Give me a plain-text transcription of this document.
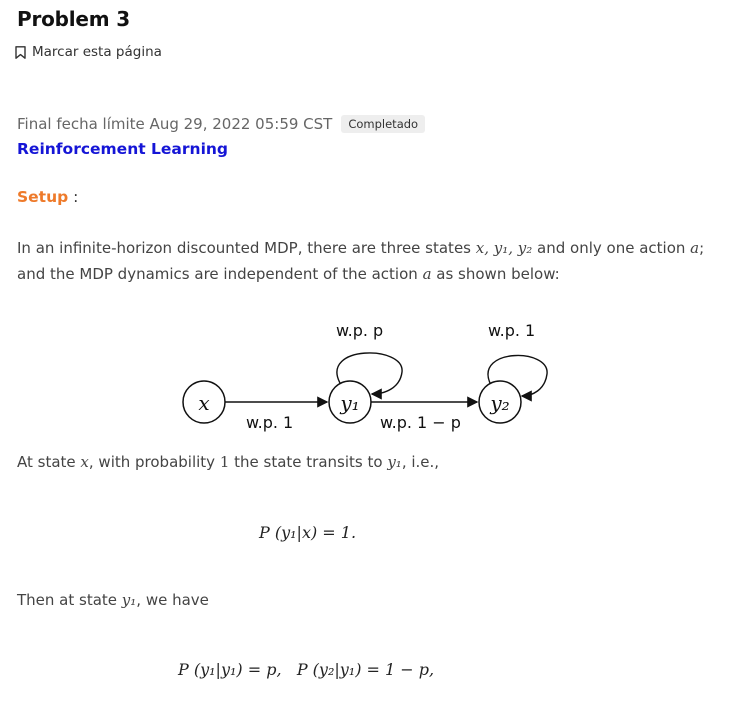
Problem 3
Marcar esta página
Final fecha límite Aug 29, 2022 05:59 CST	Completado
Reinforcement Learning
Setup :
In an infinite-horizon discounted MDP, there are three states x, y₁, y₂ and only one action a;
and the MDP dynamics are independent of the action a as shown below:
x	y₁	y₂
w.p. 1
w.p. p
w.p. 1 − p
w.p. 1
At state x, with probability 1 the state transits to y₁, i.e.,
P (y₁|x) = 1.
Then at state y₁, we have
P (y₁|y₁) = p, P (y₂|y₁) = 1 − p,
